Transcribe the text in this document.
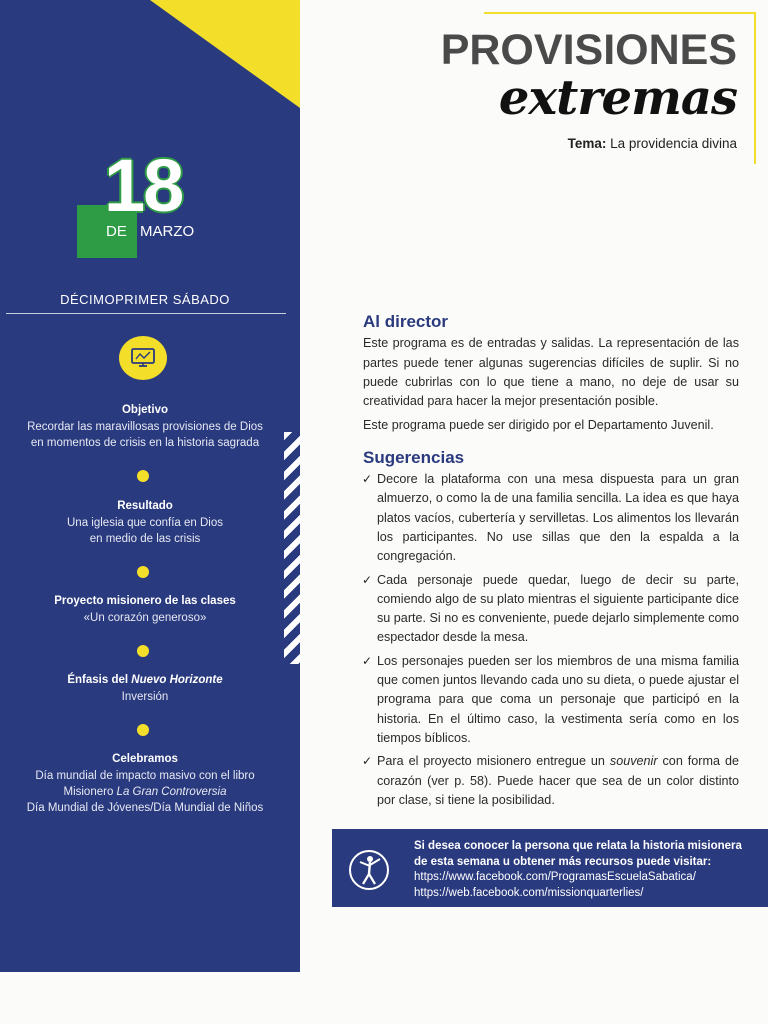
18
DE MARZO
DÉCIMOPRIMER SÁBADO
Objetivo
Recordar las maravillosas provisiones de Dios
en momentos de crisis en la historia sagrada
Resultado
Una iglesia que confía en Dios
en medio de las crisis
Proyecto misionero de las clases
«Un corazón generoso»
Énfasis del Nuevo Horizonte
Inversión
Celebramos
Día mundial de impacto masivo con el libro
Misionero La Gran Controversia
Día Mundial de Jóvenes/Día Mundial de Niños
PROVISIONES
extremas
Tema: La providencia divina
Al director

Este programa es de entradas y salidas. La representación de las partes puede tener algunas sugerencias difíciles de suplir. Si no puede cubrirlas con lo que tiene a mano, no deje de usar su creatividad para hacer la mejor presentación posible.

Este programa puede ser dirigido por el Departamento Juvenil.

Sugerencias
✓ Decore la plataforma con una mesa dispuesta para un gran almuerzo, o como la de una familia sencilla. La idea es que haya platos vacíos, cubertería y servilletas. Los alimentos los llevarán los participantes. No use sillas que den la espalda a la congregación.
✓ Cada personaje puede quedar, luego de decir su parte, comiendo algo de su plato mientras el siguiente participante dice su parte. Si no es conveniente, puede dejarlo simplemente como espectador desde la mesa.
✓ Los personajes pueden ser los miembros de una misma familia que comen juntos llevando cada uno su dieta, o puede ajustar el programa para que coma un personaje que participó en la historia. En el último caso, la vestimenta sería como en los tiempos bíblicos.
✓ Para el proyecto misionero entregue un souvenir con forma de corazón (ver p. 58). Puede hacer que sea de un color distinto por clase, si tiene la posibilidad.
Si desea conocer la persona que relata la historia misionera de esta semana u obtener más recursos puede visitar:
https://www.facebook.com/ProgramasEscuelaSabatica/
https://web.facebook.com/missionquarterlies/
